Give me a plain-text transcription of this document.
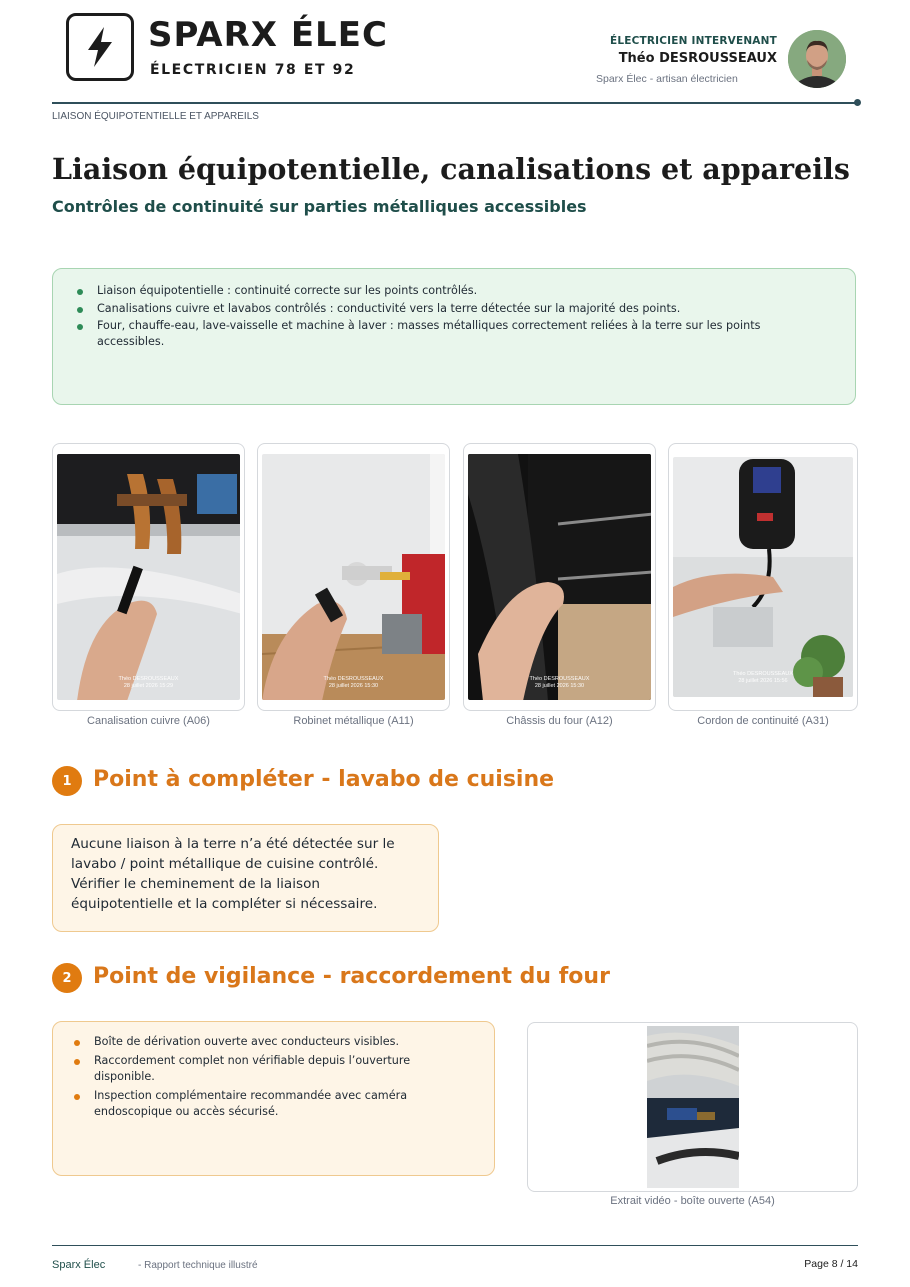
SPARX ÉLEC
ÉLECTRICIEN 78 ET 92
ÉLECTRICIEN INTERVENANT
Théo DESROUSSEAUX
Sparx Élec - artisan électricien
LIAISON ÉQUIPOTENTIELLE ET APPAREILS
Liaison équipotentielle, canalisations et appareils
Contrôles de continuité sur parties métalliques accessibles
Liaison équipotentielle : continuité correcte sur les points contrôlés.
Canalisations cuivre et lavabos contrôlés : conductivité vers la terre détectée sur la majorité des points.
Four, chauffe-eau, lave-vaisselle et machine à laver : masses métalliques correctement reliées à la terre sur les points accessibles.
Théo DESROUSSEAUX
28 juillet 2026 15:29
Canalisation cuivre (A06)
Théo DESROUSSEAUX
28 juillet 2026 15:30
Robinet métallique (A11)
Théo DESROUSSEAUX
28 juillet 2026 15:30
Châssis du four (A12)
Théo DESROUSSEAUX
28 juillet 2026 15:56
Cordon de continuité (A31)
1 Point à compléter - lavabo de cuisine
Aucune liaison à la terre n’a été détectée sur le lavabo / point métallique de cuisine contrôlé. Vérifier le cheminement de la liaison équipotentielle et la compléter si nécessaire.
2 Point de vigilance - raccordement du four
Boîte de dérivation ouverte avec conducteurs visibles.
Raccordement complet non vérifiable depuis l’ouverture disponible.
Inspection complémentaire recommandée avec caméra endoscopique ou accès sécurisé.
Extrait vidéo - boîte ouverte (A54)
Sparx Élec	- Rapport technique illustré	Page 8 / 14
